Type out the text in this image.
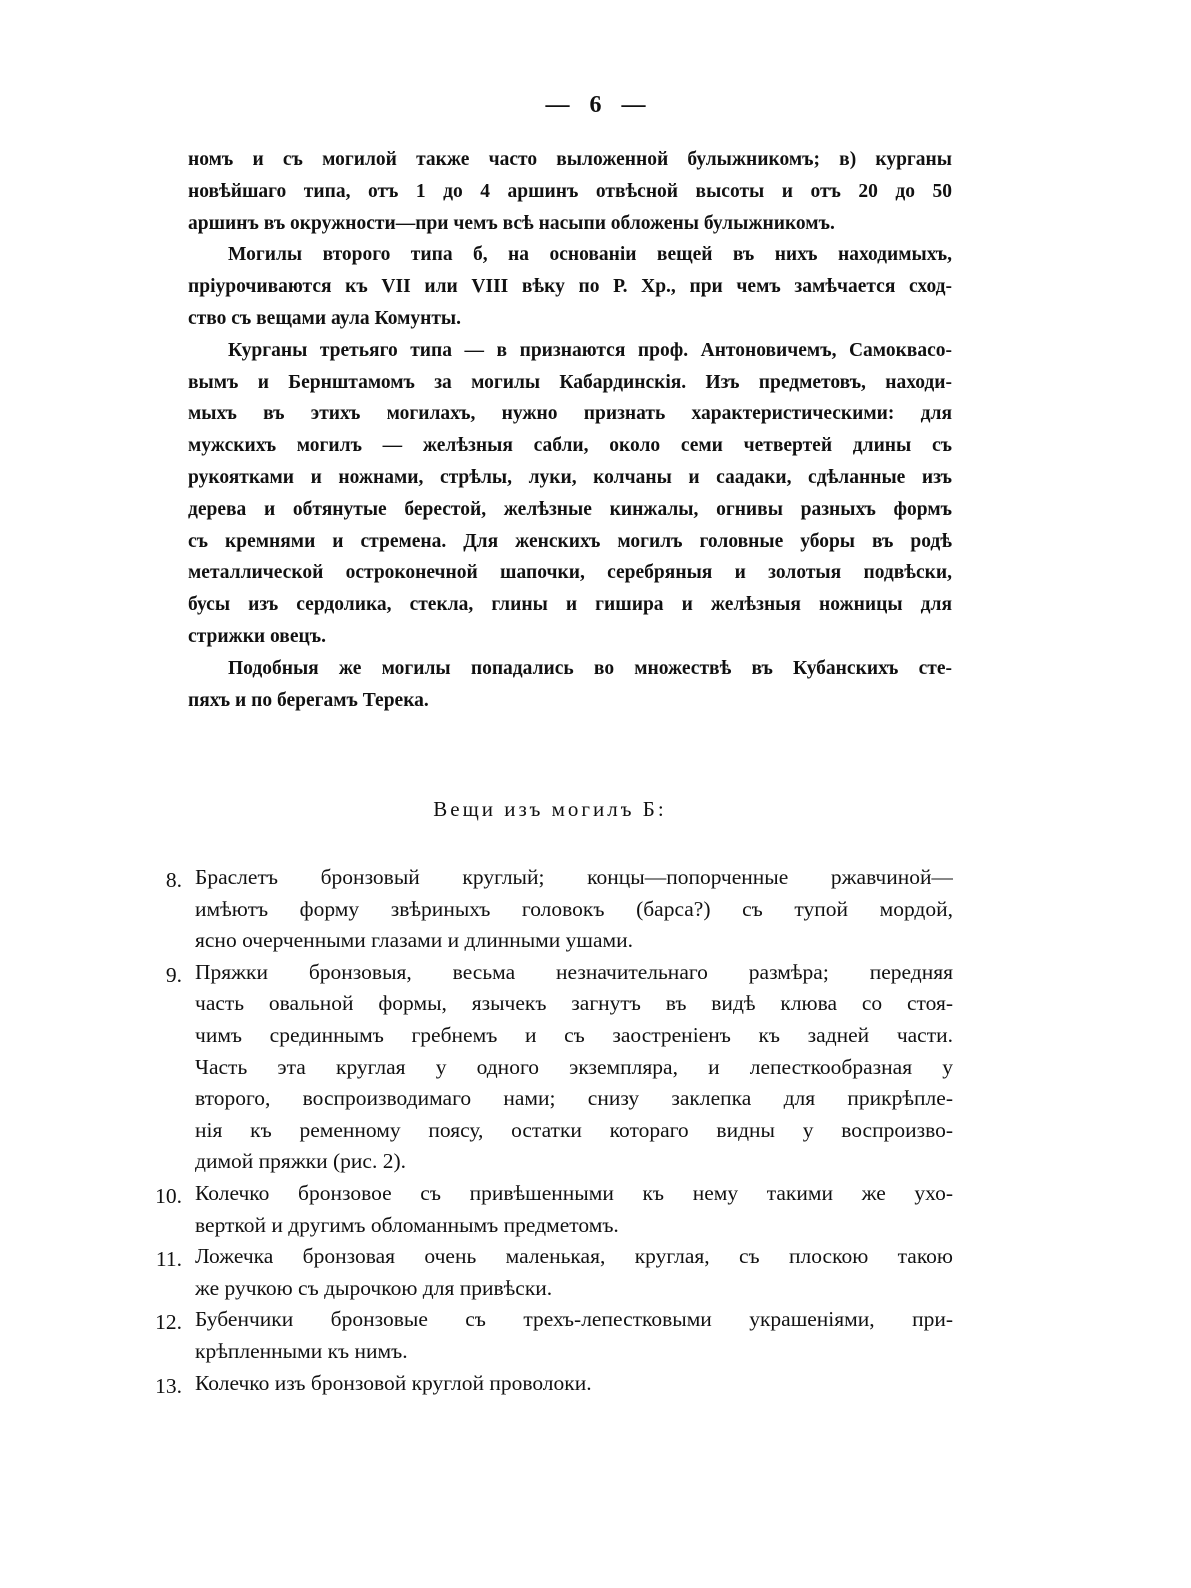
— 6 —
номъ и съ могилой также часто выложенной булыжникомъ; в) курганы
новѣйшаго типа, отъ 1 до 4 аршинъ отвѣсной высоты и отъ 20 до 50
аршинъ въ окружности—при чемъ всѣ насыпи обложены булыжникомъ.
Могилы второго типа б, на основанiи вещей въ нихъ находимыхъ,
прiурочиваются къ VII или VIII вѣку по Р. Хр., при чемъ замѣчается сход-
ство съ вещами аула Комунты.
Курганы третьяго типа — в признаются проф. Антоновичемъ, Самоквасо-
вымъ и Бернштамомъ за могилы Кабардинскiя. Изъ предметовъ, находи-
мыхъ въ этихъ могилахъ, нужно признать характеристическими: для
мужскихъ могилъ — желѣзныя сабли, около семи четвертей длины съ
рукоятками и ножнами, стрѣлы, луки, колчаны и саадаки, сдѣланные изъ
дерева и обтянутые берестой, желѣзные кинжалы, огнивы разныхъ формъ
съ кремнями и стремена. Для женскихъ могилъ головные уборы въ родѣ
металлической остроконечной шапочки, серебряныя и золотыя подвѣски,
бусы изъ сердолика, стекла, глины и гишира и желѣзныя ножницы для
стрижки овецъ.
Подобныя же могилы попадались во множествѣ въ Кубанскихъ сте-
пяхъ и по берегамъ Терека.
Вещи изъ могилъ Б:
8. Браслетъ бронзовый круглый; концы—попорченные ржавчиной—
имѣютъ форму звѣриныхъ головокъ (барса?) съ тупой мордой,
ясно очерченными глазами и длинными ушами.
9. Пряжки бронзовыя, весьма незначительнаго размѣра; передняя
часть овальной формы, язычекъ загнутъ въ видѣ клюва со стоя-
чимъ срединнымъ гребнемъ и съ заостренiенъ къ задней части.
Часть эта круглая у одного экземпляра, и лепесткообразная у
второго, воспроизводимаго нами; снизу заклепка для прикрѣпле-
нiя къ ременному поясу, остатки котораго видны у воспроизво-
димой пряжки (рис. 2).
10. Колечко бронзовое съ привѣшенными къ нему такими же ухо-
верткой и другимъ обломаннымъ предметомъ.
11. Ложечка бронзовая очень маленькая, круглая, съ плоскою такою
же ручкою съ дырочкою для привѣски.
12. Бубенчики бронзовые съ трехъ-лепестковыми украшенiями, при-
крѣпленными къ нимъ.
13. Колечко изъ бронзовой круглой проволоки.
